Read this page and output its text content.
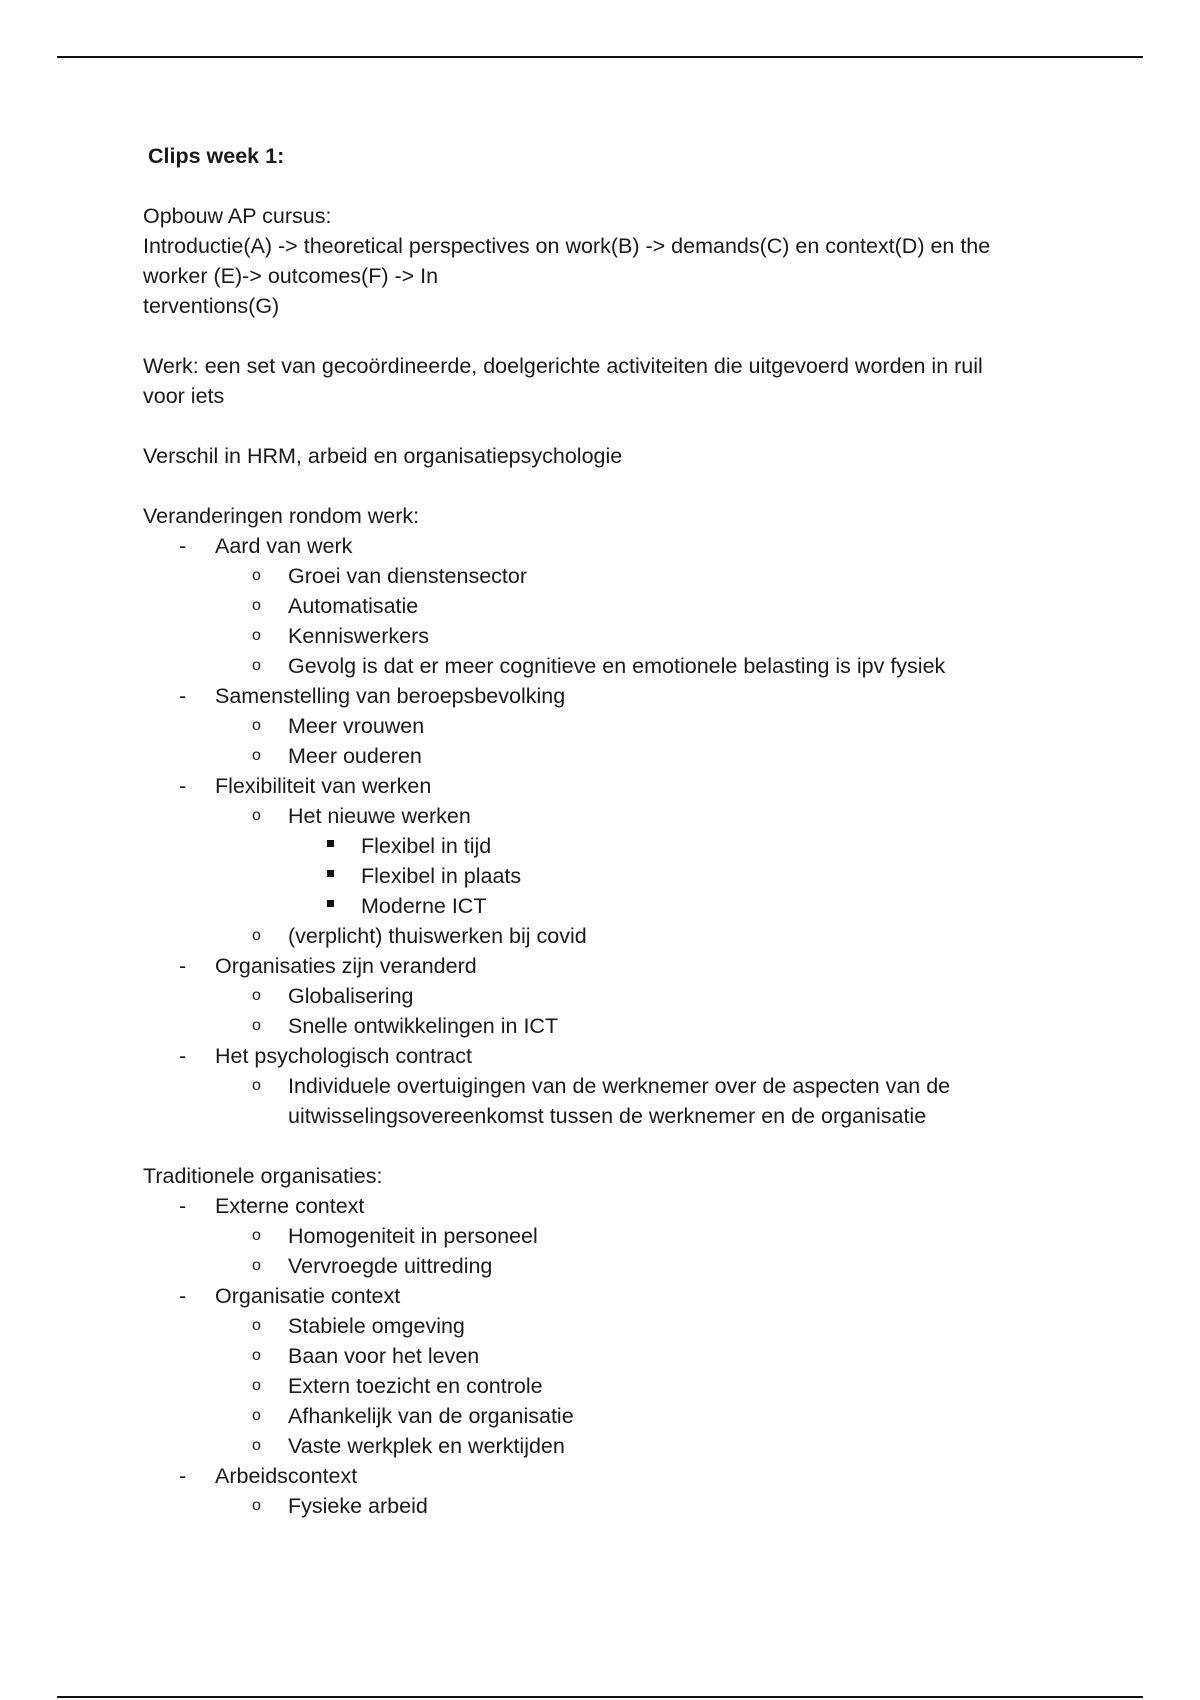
Clips week 1:
Opbouw AP cursus:
Introductie(A) -> theoretical perspectives on work(B) -> demands(C) en context(D) en the
worker (E)-> outcomes(F) -> In
terventions(G)
Werk: een set van gecoördineerde, doelgerichte activiteiten die uitgevoerd worden in ruil
voor iets
Verschil in HRM, arbeid en organisatiepsychologie
Veranderingen rondom werk:
- Aard van werk
o Groei van dienstensector
o Automatisatie
o Kenniswerkers
o Gevolg is dat er meer cognitieve en emotionele belasting is ipv fysiek
- Samenstelling van beroepsbevolking
o Meer vrouwen
o Meer ouderen
- Flexibiliteit van werken
o Het nieuwe werken
Flexibel in tijd
Flexibel in plaats
Moderne ICT
o (verplicht) thuiswerken bij covid
- Organisaties zijn veranderd
o Globalisering
o Snelle ontwikkelingen in ICT
- Het psychologisch contract
o Individuele overtuigingen van de werknemer over de aspecten van de
uitwisselingsovereenkomst tussen de werknemer en de organisatie
Traditionele organisaties:
- Externe context
o Homogeniteit in personeel
o Vervroegde uittreding
- Organisatie context
o Stabiele omgeving
o Baan voor het leven
o Extern toezicht en controle
o Afhankelijk van de organisatie
o Vaste werkplek en werktijden
- Arbeidscontext
o Fysieke arbeid
